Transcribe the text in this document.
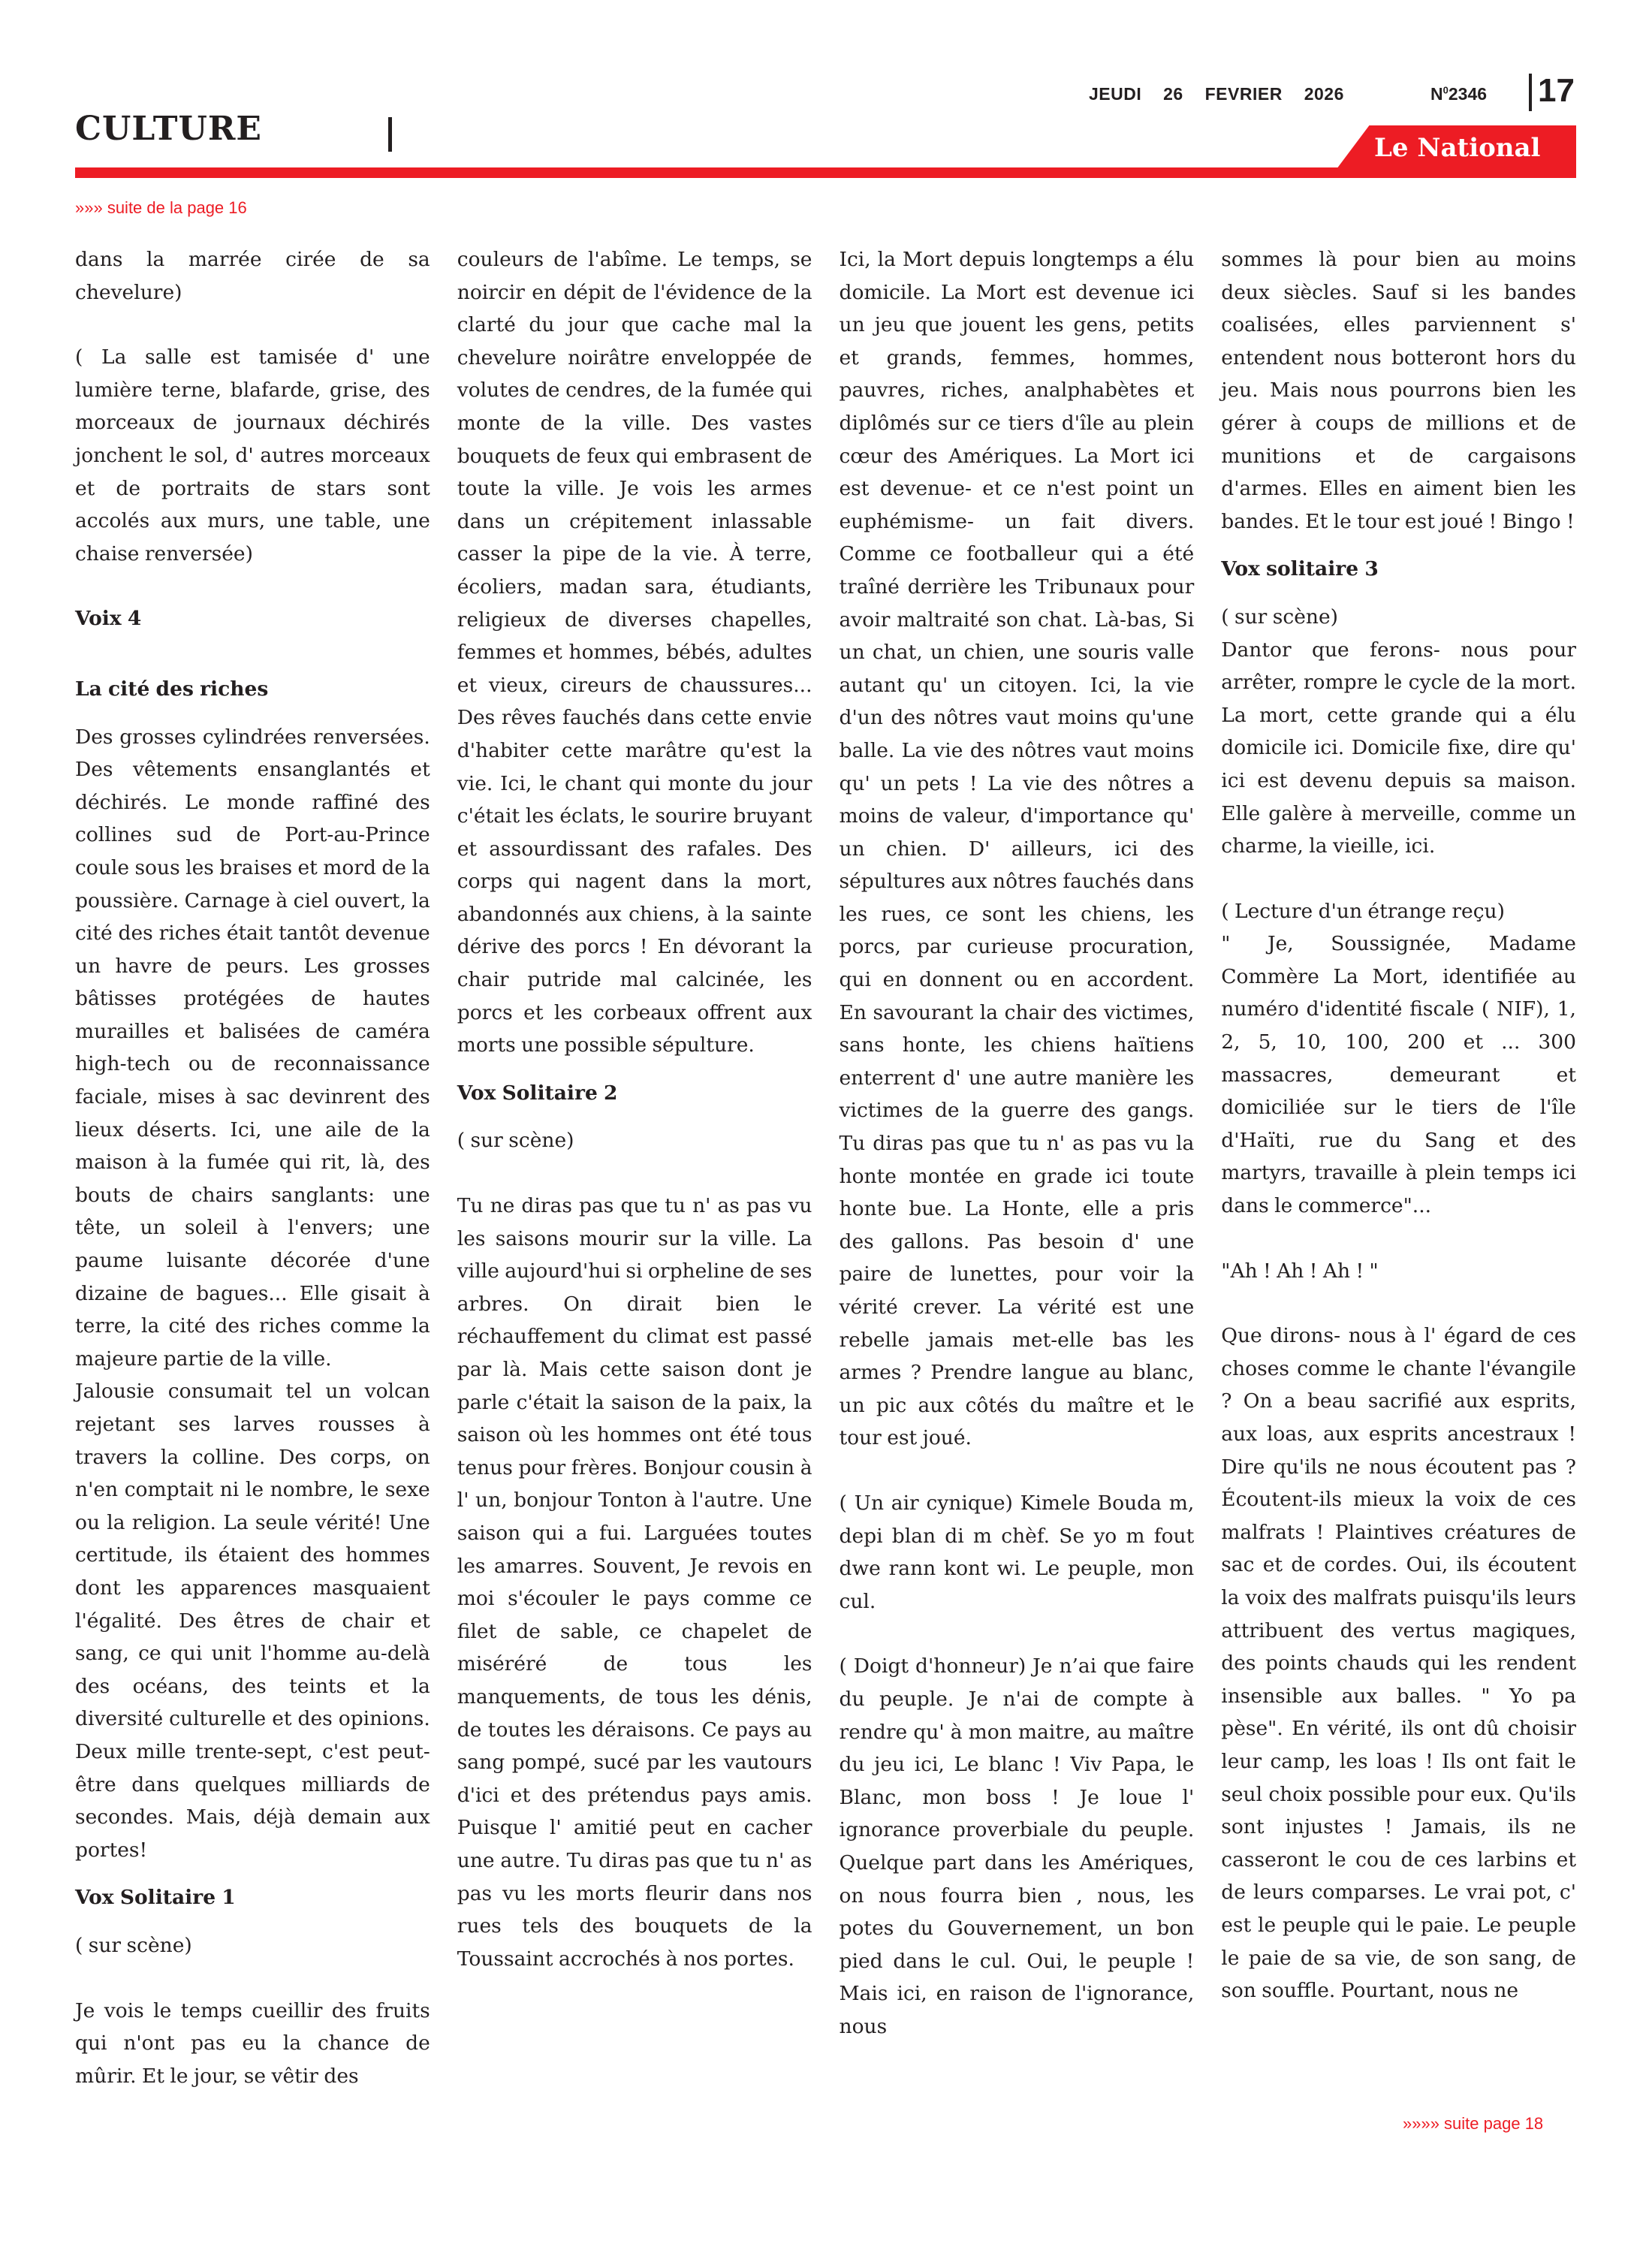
JEUDI 26 FEVRIER 2026	$N^02346$ 17
CULTURE	Le National
»»» suite de la page 16

dans la marrée cirée de sa chevelure)

( La salle est tamisée d' une lumière terne, blafarde, grise, des morceaux de journaux déchirés jonchent le sol, d' autres morceaux et de portraits de stars sont accolés aux murs, une table, une chaise renversée)

Voix 4
La cité des riches

Des grosses cylindrées renversées. Des vêtements ensanglantés et déchirés. Le monde raffiné des collines sud de Port-au-Prince coule sous les braises et mord de la poussière. Carnage à ciel ouvert, la cité des riches était tantôt devenue un havre de peurs. Les grosses bâtisses protégées de hautes murailles et balisées de caméra high-tech ou de reconnaissance faciale, mises à sac devinrent des lieux déserts. Ici, une aile de la maison à la fumée qui rit, là, des bouts de chairs sanglants: une tête, un soleil à l'envers; une paume luisante décorée d'une dizaine de bagues... Elle gisait à terre, la cité des riches comme la majeure partie de la ville.

Jalousie consumait tel un volcan rejetant ses larves rousses à travers la colline. Des corps, on n'en comptait ni le nombre, le sexe ou la religion. La seule vérité! Une certitude, ils étaient des hommes dont les apparences masquaient l'égalité. Des êtres de chair et sang, ce qui unit l'homme au-delà des océans, des teints et la diversité culturelle et des opinions. Deux mille trente-sept, c'est peut-être dans quelques milliards de secondes. Mais, déjà demain aux portes!

Vox Solitaire 1

( sur scène)

Je vois le temps cueillir des fruits qui n'ont pas eu la chance de mûrir. Et le jour, se vêtir des

couleurs de l'abîme. Le temps, se noircir en dépit de l'évidence de la clarté du jour que cache mal la chevelure noirâtre enveloppée de volutes de cendres, de la fumée qui monte de la ville. Des vastes bouquets de feux qui embrasent de toute la ville. Je vois les armes dans un crépitement inlassable casser la pipe de la vie. À terre, écoliers, madan sara, étudiants, religieux de diverses chapelles, femmes et hommes, bébés, adultes et vieux, cireurs de chaussures... Des rêves fauchés dans cette envie d'habiter cette marâtre qu'est la vie. Ici, le chant qui monte du jour c'était les éclats, le sourire bruyant et assourdissant des rafales. Des corps qui nagent dans la mort, abandonnés aux chiens, à la sainte dérive des porcs ! En dévorant la chair putride mal calcinée, les porcs et les corbeaux offrent aux morts une possible sépulture.

Vox Solitaire 2

( sur scène)

Tu ne diras pas que tu n' as pas vu les saisons mourir sur la ville. La ville aujourd'hui si orpheline de ses arbres. On dirait bien le réchauffement du climat est passé par là. Mais cette saison dont je parle c'était la saison de la paix, la saison où les hommes ont été tous tenus pour frères. Bonjour cousin à l' un, bonjour Tonton à l'autre. Une saison qui a fui. Larguées toutes les amarres. Souvent, Je revois en moi s'écouler le pays comme ce filet de sable, ce chapelet de miséréré de tous les manquements, de tous les dénis, de toutes les déraisons. Ce pays au sang pompé, sucé par les vautours d'ici et des prétendus pays amis. Puisque l' amitié peut en cacher une autre. Tu diras pas que tu n' as pas vu les morts fleurir dans nos rues tels des bouquets de la Toussaint accrochés à nos portes.

Ici, la Mort depuis longtemps a élu domicile. La Mort est devenue ici un jeu que jouent les gens, petits et grands, femmes, hommes, pauvres, riches, analphabètes et diplômés sur ce tiers d'île au plein cœur des Amériques. La Mort ici est devenue- et ce n'est point un euphémisme- un fait divers. Comme ce footballeur qui a été traîné derrière les Tribunaux pour avoir maltraité son chat. Là-bas, Si un chat, un chien, une souris valle autant qu' un citoyen. Ici, la vie d'un des nôtres vaut moins qu'une balle. La vie des nôtres vaut moins qu' un pets ! La vie des nôtres a moins de valeur, d'importance qu' un chien. D' ailleurs, ici des sépultures aux nôtres fauchés dans les rues, ce sont les chiens, les porcs, par curieuse procuration, qui en donnent ou en accordent. En savourant la chair des victimes, sans honte, les chiens haïtiens enterrent d' une autre manière les victimes de la guerre des gangs. Tu diras pas que tu n' as pas vu la honte montée en grade ici toute honte bue. La Honte, elle a pris des gallons. Pas besoin d' une paire de lunettes, pour voir la vérité crever. La vérité est une rebelle jamais met-elle bas les armes ? Prendre langue au blanc, un pic aux côtés du maître et le tour est joué.

( Un air cynique) Kimele Bouda m, depi blan di m chèf. Se yo m fout dwe rann kont wi. Le peuple, mon cul.

( Doigt d'honneur) Je n’ai que faire du peuple. Je n'ai de compte à rendre qu' à mon maitre, au maître du jeu ici, Le blanc ! Viv Papa, le Blanc, mon boss ! Je loue l' ignorance proverbiale du peuple. Quelque part dans les Amériques, on nous fourra bien , nous, les potes du Gouvernement, un bon pied dans le cul. Oui, le peuple ! Mais ici, en raison de l'ignorance, nous

sommes là pour bien au moins deux siècles. Sauf si les bandes coalisées, elles parviennent s' entendent nous botteront hors du jeu. Mais nous pourrons bien les gérer à coups de millions et de munitions et de cargaisons d'armes. Elles en aiment bien les bandes. Et le tour est joué ! Bingo !

Vox solitaire 3

( sur scène)

Dantor que ferons- nous pour arrêter, rompre le cycle de la mort. La mort, cette grande qui a élu domicile ici. Domicile fixe, dire qu' ici est devenu depuis sa maison. Elle galère à merveille, comme un charme, la vieille, ici.

( Lecture d'un étrange reçu)

" Je, Soussignée, Madame Commère La Mort, identifiée au numéro d'identité fiscale ( NIF), 1, 2, 5, 10, 100, 200 et ... 300 massacres, demeurant et domiciliée sur le tiers de l'île d'Haïti, rue du Sang et des martyrs, travaille à plein temps ici dans le commerce"...

"Ah ! Ah ! Ah ! "

Que dirons- nous à l' égard de ces choses comme le chante l'évangile ? On a beau sacrifié aux esprits, aux loas, aux esprits ancestraux ! Dire qu'ils ne nous écoutent pas ? Écoutent-ils mieux la voix de ces malfrats ! Plaintives créatures de sac et de cordes. Oui, ils écoutent la voix des malfrats puisqu'ils leurs attribuent des vertus magiques, des points chauds qui les rendent insensible aux balles. " Yo pa pèse". En vérité, ils ont dû choisir leur camp, les loas ! Ils ont fait le seul choix possible pour eux. Qu'ils sont injustes ! Jamais, ils ne casseront le cou de ces larbins et de leurs comparses. Le vrai pot, c' est le peuple qui le paie. Le peuple le paie de sa vie, de son sang, de son souffle. Pourtant, nous ne

»»»» suite page 18
